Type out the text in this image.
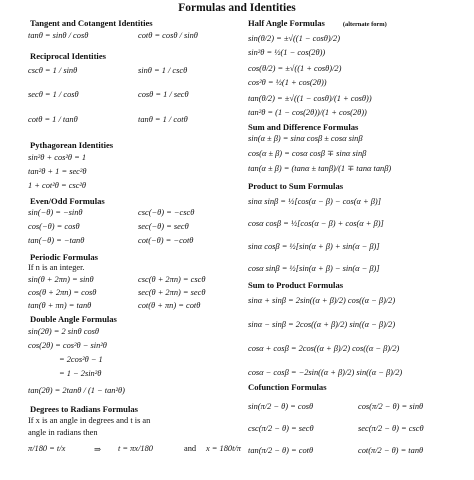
Formulas and Identities
Tangent and Cotangent Identities
tanθ = sinθ / cosθ	cotθ = cosθ / sinθ
Reciprocal Identities
cscθ = 1 / sinθ	sinθ = 1 / cscθ
secθ = 1 / cosθ	cosθ = 1 / secθ
cotθ = 1 / tanθ	tanθ = 1 / cotθ
Pythagorean Identities
sin²θ + cos²θ = 1
tan²θ + 1 = sec²θ
1 + cot²θ = csc²θ
Even/Odd Formulas
sin(−θ) = −sinθ	csc(−θ) = −cscθ
cos(−θ) = cosθ	sec(−θ) = secθ
tan(−θ) = −tanθ	cot(−θ) = −cotθ
Periodic Formulas
If n is an integer.
sin(θ + 2πn) = sinθ	csc(θ + 2πn) = cscθ
cos(θ + 2πn) = cosθ	sec(θ + 2πn) = secθ
tan(θ + πn) = tanθ	cot(θ + πn) = cotθ
Double Angle Formulas
sin(2θ) = 2 sinθ cosθ
cos(2θ) = cos²θ − sin²θ
= 2cos²θ − 1
= 1 − 2sin²θ
tan(2θ) = 2tanθ / (1 − tan²θ)
Degrees to Radians Formulas
If x is an angle in degrees and t is an
angle in radians then
π/180 = t/x	⇒ t = πx/180	and x = 180t/π
Half Angle Formulas	(alternate form)
sin(θ/2) = ±√((1 − cosθ)/2)
sin²θ = ½(1 − cos(2θ))
cos(θ/2) = ±√((1 + cosθ)/2)
cos²θ = ½(1 + cos(2θ))
tan(θ/2) = ±√((1 − cosθ)/(1 + cosθ))
tan²θ = (1 − cos(2θ))/(1 + cos(2θ))
Sum and Difference Formulas
sin(α ± β) = sinα cosβ ± cosα sinβ
cos(α ± β) = cosα cosβ ∓ sinα sinβ
tan(α ± β) = (tanα ± tanβ)/(1 ∓ tanα tanβ)
Product to Sum Formulas
sinα sinβ = ½[cos(α − β) − cos(α + β)]
cosα cosβ = ½[cos(α − β) + cos(α + β)]
sinα cosβ = ½[sin(α + β) + sin(α − β)]
cosα sinβ = ½[sin(α + β) − sin(α − β)]
Sum to Product Formulas
sinα + sinβ = 2sin((α + β)/2) cos((α − β)/2)
sinα − sinβ = 2cos((α + β)/2) sin((α − β)/2)
cosα + cosβ = 2cos((α + β)/2) cos((α − β)/2)
cosα − cosβ = −2sin((α + β)/2) sin((α − β)/2)
Cofunction Formulas
sin(π/2 − θ) = cosθ	cos(π/2 − θ) = sinθ
csc(π/2 − θ) = secθ	sec(π/2 − θ) = cscθ
tan(π/2 − θ) = cotθ	cot(π/2 − θ) = tanθ
